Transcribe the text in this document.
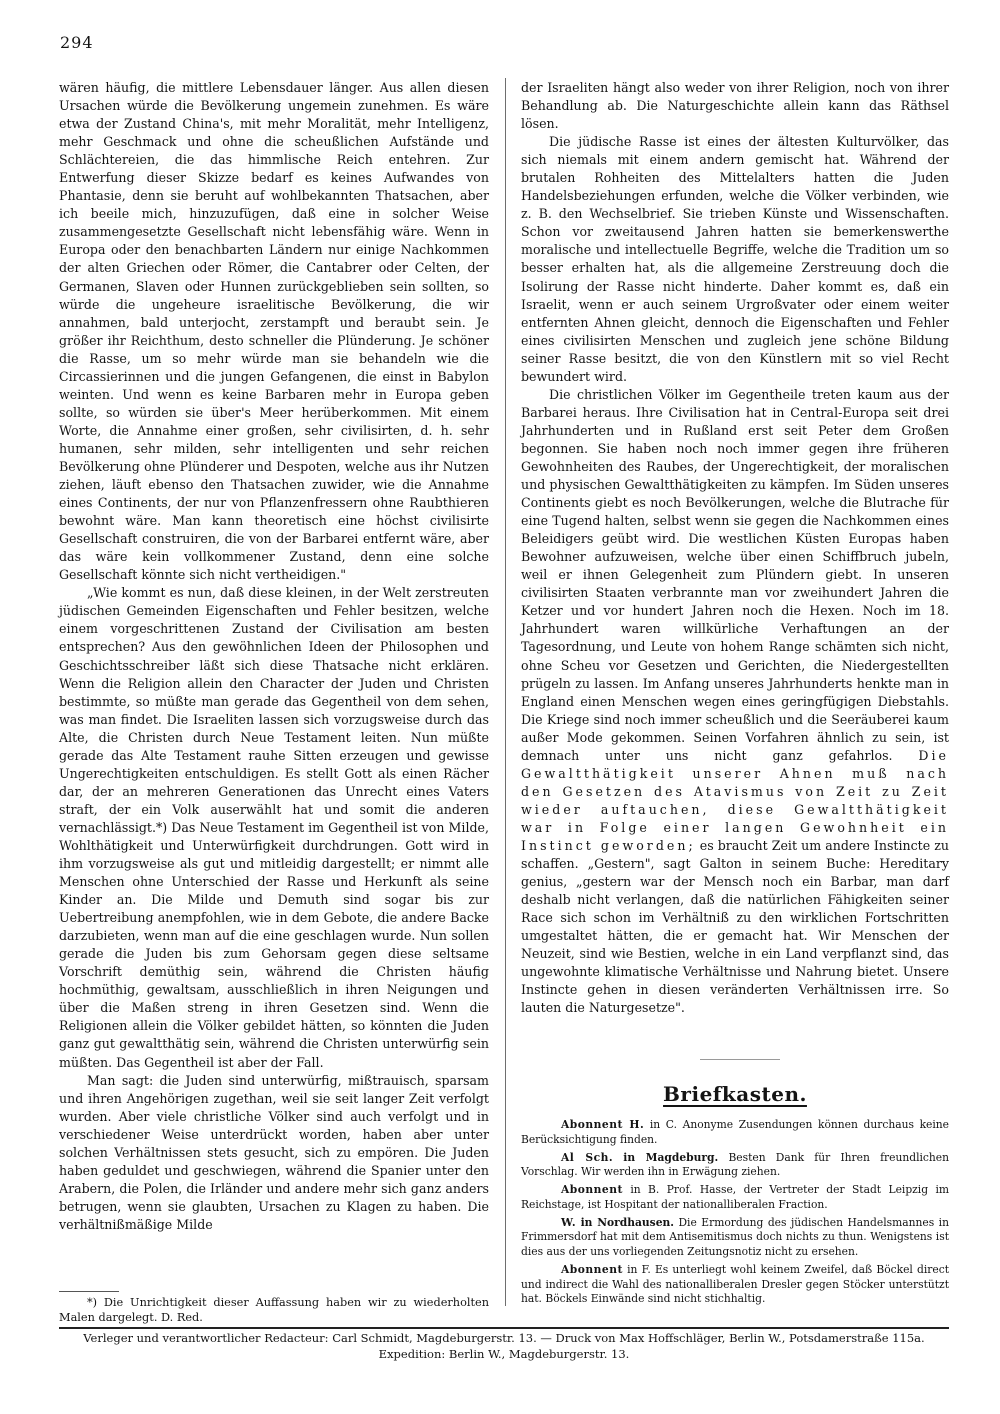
294

wären häufig, die mittlere Lebensdauer länger. Aus allen diesen Ursachen würde die Bevölkerung ungemein zunehmen. Es wäre etwa der Zustand China's, mit mehr Moralität, mehr Intelligenz, mehr Geschmack und ohne die scheußlichen Aufstände und Schlächtereien, die das himmlische Reich entehren. Zur Entwerfung dieser Skizze bedarf es keines Aufwandes von Phantasie, denn sie beruht auf wohlbekannten Thatsachen, aber ich beeile mich, hinzuzufügen, daß eine in solcher Weise zusammengesetzte Gesellschaft nicht lebensfähig wäre. Wenn in Europa oder den benachbarten Ländern nur einige Nachkommen der alten Griechen oder Römer, die Cantabrer oder Celten, der Germanen, Slaven oder Hunnen zurückgeblieben sein sollten, so würde die ungeheure israelitische Bevölkerung, die wir annahmen, bald unterjocht, zerstampft und beraubt sein. Je größer ihr Reichthum, desto schneller die Plünderung. Je schöner die Rasse, um so mehr würde man sie behandeln wie die Circassierinnen und die jungen Gefangenen, die einst in Babylon weinten. Und wenn es keine Barbaren mehr in Europa geben sollte, so würden sie über's Meer herüberkommen. Mit einem Worte, die Annahme einer großen, sehr civilisirten, d. h. sehr humanen, sehr milden, sehr intelligenten und sehr reichen Bevölkerung ohne Plünderer und Despoten, welche aus ihr Nutzen ziehen, läuft ebenso den Thatsachen zuwider, wie die Annahme eines Continents, der nur von Pflanzenfressern ohne Raubthieren bewohnt wäre. Man kann theoretisch eine höchst civilisirte Gesellschaft construiren, die von der Barbarei entfernt wäre, aber das wäre kein vollkommener Zustand, denn eine solche Gesellschaft könnte sich nicht vertheidigen."

„Wie kommt es nun, daß diese kleinen, in der Welt zerstreuten jüdischen Gemeinden Eigenschaften und Fehler besitzen, welche einem vorgeschrittenen Zustand der Civilisation am besten entsprechen? Aus den gewöhnlichen Ideen der Philosophen und Geschichtsschreiber läßt sich diese Thatsache nicht erklären. Wenn die Religion allein den Character der Juden und Christen bestimmte, so müßte man gerade das Gegentheil von dem sehen, was man findet. Die Israeliten lassen sich vorzugsweise durch das Alte, die Christen durch Neue Testament leiten. Nun müßte gerade das Alte Testament rauhe Sitten erzeugen und gewisse Ungerechtigkeiten entschuldigen. Es stellt Gott als einen Rächer dar, der an mehreren Generationen das Unrecht eines Vaters straft, der ein Volk auserwählt hat und somit die anderen vernachlässigt.*) Das Neue Testament im Gegentheil ist von Milde, Wohlthätigkeit und Unterwürfigkeit durchdrungen. Gott wird in ihm vorzugsweise als gut und mitleidig dargestellt; er nimmt alle Menschen ohne Unterschied der Rasse und Herkunft als seine Kinder an. Die Milde und Demuth sind sogar bis zur Uebertreibung anempfohlen, wie in dem Gebote, die andere Backe darzubieten, wenn man auf die eine geschlagen wurde. Nun sollen gerade die Juden bis zum Gehorsam gegen diese seltsame Vorschrift demüthig sein, während die Christen häufig hochmüthig, gewaltsam, ausschließlich in ihren Neigungen und über die Maßen streng in ihren Gesetzen sind. Wenn die Religionen allein die Völker gebildet hätten, so könnten die Juden ganz gut gewaltthätig sein, während die Christen unterwürfig sein müßten. Das Gegentheil ist aber der Fall.

Man sagt: die Juden sind unterwürfig, mißtrauisch, sparsam und ihren Angehörigen zugethan, weil sie seit langer Zeit verfolgt wurden. Aber viele christliche Völker sind auch verfolgt und in verschiedener Weise unterdrückt worden, haben aber unter solchen Verhältnissen stets gesucht, sich zu empören. Die Juden haben geduldet und geschwiegen, während die Spanier unter den Arabern, die Polen, die Irländer und andere mehr sich ganz anders betrugen, wenn sie glaubten, Ursachen zu Klagen zu haben. Die verhältnißmäßige Milde

der Israeliten hängt also weder von ihrer Religion, noch von ihrer Behandlung ab. Die Naturgeschichte allein kann das Räthsel lösen.

Die jüdische Rasse ist eines der ältesten Kulturvölker, das sich niemals mit einem andern gemischt hat. Während der brutalen Rohheiten des Mittelalters hatten die Juden Handelsbeziehungen erfunden, welche die Völker verbinden, wie z. B. den Wechselbrief. Sie trieben Künste und Wissenschaften. Schon vor zweitausend Jahren hatten sie bemerkenswerthe moralische und intellectuelle Begriffe, welche die Tradition um so besser erhalten hat, als die allgemeine Zerstreuung doch die Isolirung der Rasse nicht hinderte. Daher kommt es, daß ein Israelit, wenn er auch seinem Urgroßvater oder einem weiter entfernten Ahnen gleicht, dennoch die Eigenschaften und Fehler eines civilisirten Menschen und zugleich jene schöne Bildung seiner Rasse besitzt, die von den Künstlern mit so viel Recht bewundert wird.

Die christlichen Völker im Gegentheile treten kaum aus der Barbarei heraus. Ihre Civilisation hat in Central-Europa seit drei Jahrhunderten und in Rußland erst seit Peter dem Großen begonnen. Sie haben noch noch immer gegen ihre früheren Gewohnheiten des Raubes, der Ungerechtigkeit, der moralischen und physischen Gewaltthätigkeiten zu kämpfen. Im Süden unseres Continents giebt es noch Bevölkerungen, welche die Blutrache für eine Tugend halten, selbst wenn sie gegen die Nachkommen eines Beleidigers geübt wird. Die westlichen Küsten Europas haben Bewohner aufzuweisen, welche über einen Schiffbruch jubeln, weil er ihnen Gelegenheit zum Plündern giebt. In unseren civilisirten Staaten verbrannte man vor zweihundert Jahren die Ketzer und vor hundert Jahren noch die Hexen. Noch im 18. Jahrhundert waren willkürliche Verhaftungen an der Tagesordnung, und Leute von hohem Range schämten sich nicht, ohne Scheu vor Gesetzen und Gerichten, die Niedergestellten prügeln zu lassen. Im Anfang unseres Jahrhunderts henkte man in England einen Menschen wegen eines geringfügigen Diebstahls. Die Kriege sind noch immer scheußlich und die Seeräuberei kaum außer Mode gekommen. Seinen Vorfahren ähnlich zu sein, ist demnach unter uns nicht ganz gefahrlos. Die Gewaltthätigkeit unserer Ahnen muß nach den Gesetzen des Atavismus von Zeit zu Zeit wieder auftauchen, diese Gewaltthätigkeit war in Folge einer langen Gewohnheit ein Instinct geworden; es braucht Zeit um andere Instincte zu schaffen. „Gestern", sagt Galton in seinem Buche: Hereditary genius, „gestern war der Mensch noch ein Barbar, man darf deshalb nicht verlangen, daß die natürlichen Fähigkeiten seiner Race sich schon im Verhältniß zu den wirklichen Fortschritten umgestaltet hätten, die er gemacht hat. Wir Menschen der Neuzeit, sind wie Bestien, welche in ein Land verpflanzt sind, das ungewohnte klimatische Verhältnisse und Nahrung bietet. Unsere Instincte gehen in diesen veränderten Verhältnissen irre. So lauten die Naturgesetze".

*) Die Unrichtigkeit dieser Auffassung haben wir zu wiederholten Malen dargelegt. D. Red.
Briefkasten.

Abonnent H. in C. Anonyme Zusendungen können durchaus keine Berücksichtigung finden.

Al Sch. in Magdeburg. Besten Dank für Ihren freundlichen Vorschlag. Wir werden ihn in Erwägung ziehen.

Abonnent in B. Prof. Hasse, der Vertreter der Stadt Leipzig im Reichstage, ist Hospitant der nationalliberalen Fraction.

W. in Nordhausen. Die Ermordung des jüdischen Handelsmannes in Frimmersdorf hat mit dem Antisemitismus doch nichts zu thun. Wenigstens ist dies aus der uns vorliegenden Zeitungsnotiz nicht zu ersehen.

Abonnent in F. Es unterliegt wohl keinem Zweifel, daß Böckel direct und indirect die Wahl des nationalliberalen Dresler gegen Stöcker unterstützt hat. Böckels Einwände sind nicht stichhaltig.

Verleger und verantwortlicher Redacteur: Carl Schmidt, Magdeburgerstr. 13. — Druck von Max Hoffschläger, Berlin W., Potsdamerstraße 115a.
Expedition: Berlin W., Magdeburgerstr. 13.
